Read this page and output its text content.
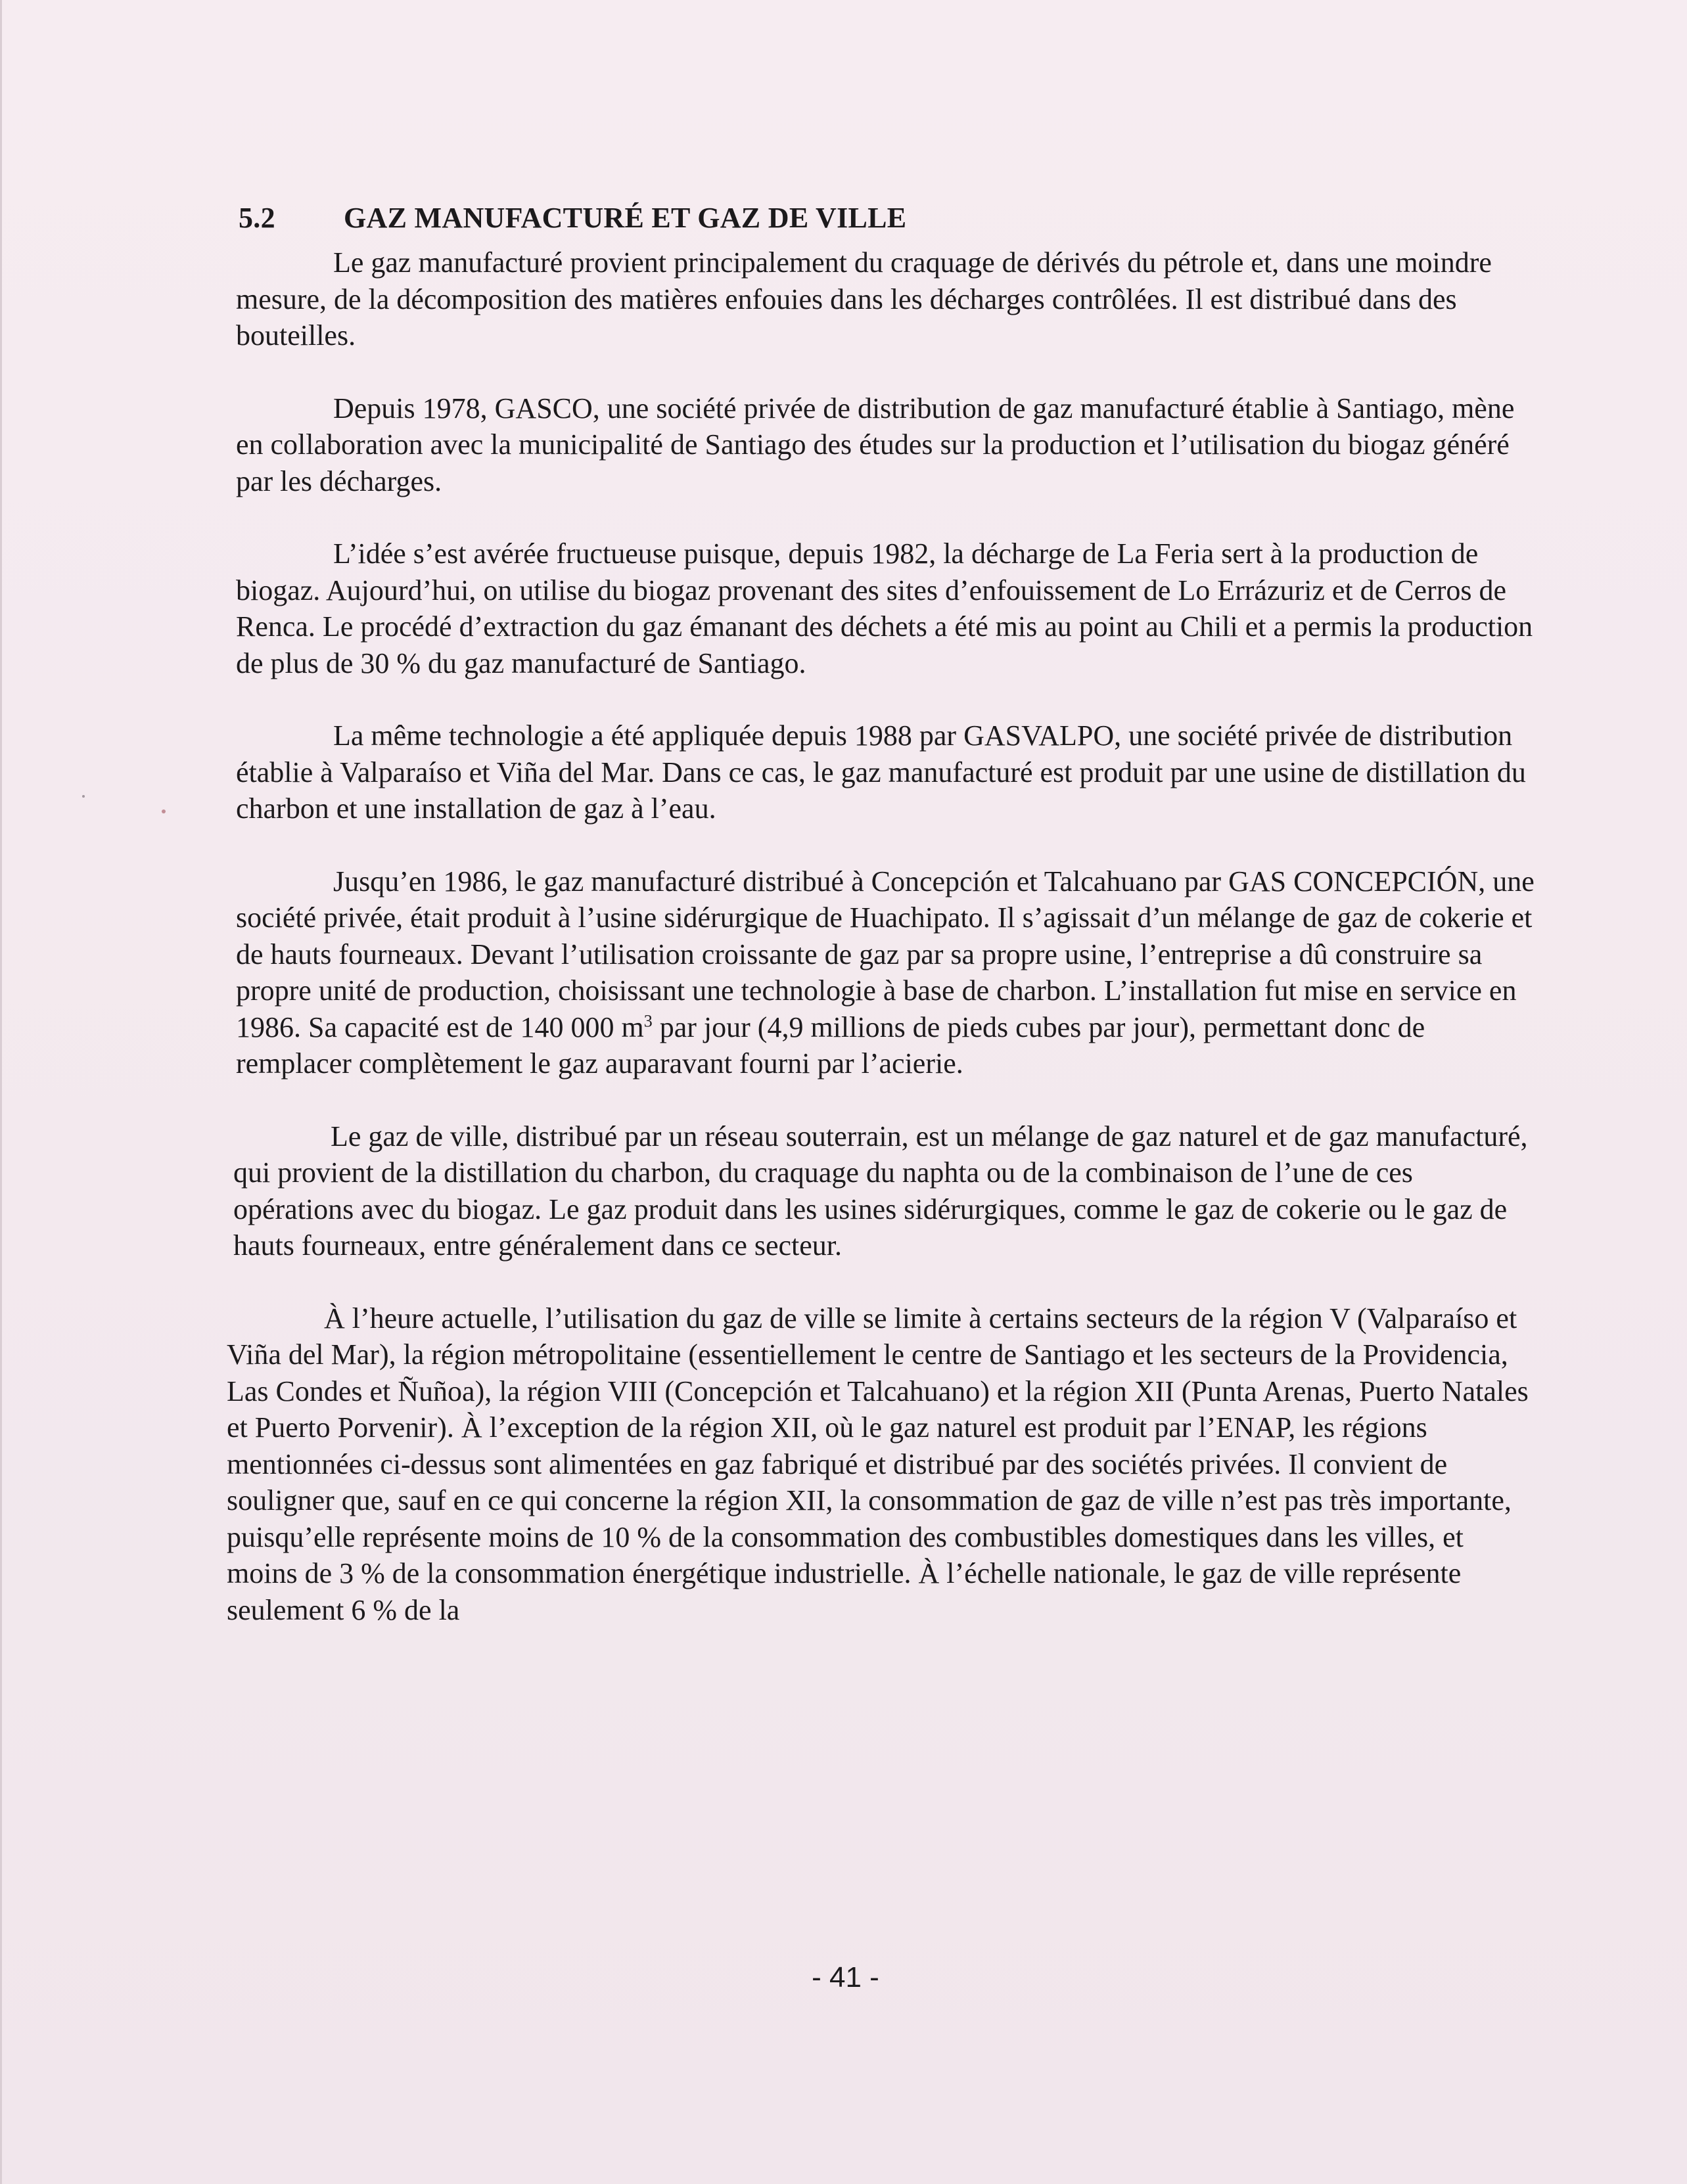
5.2	GAZ MANUFACTURÉ ET GAZ DE VILLE

Le gaz manufacturé provient principalement du craquage de dérivés du pétrole et, dans une moindre mesure, de la décomposition des matières enfouies dans les décharges contrôlées. Il est distribué dans des bouteilles.

Depuis 1978, GASCO, une société privée de distribution de gaz manufacturé établie à Santiago, mène en collaboration avec la municipalité de Santiago des études sur la production et l’utilisation du biogaz généré par les décharges.

L’idée s’est avérée fructueuse puisque, depuis 1982, la décharge de La Feria sert à la production de biogaz. Aujourd’hui, on utilise du biogaz provenant des sites d’enfouissement de Lo Errázuriz et de Cerros de Renca. Le procédé d’extraction du gaz émanant des déchets a été mis au point au Chili et a permis la production de plus de 30 % du gaz manufacturé de Santiago.

La même technologie a été appliquée depuis 1988 par GASVALPO, une société privée de distribution établie à Valparaíso et Viña del Mar. Dans ce cas, le gaz manufacturé est produit par une usine de distillation du charbon et une installation de gaz à l’eau.

Jusqu’en 1986, le gaz manufacturé distribué à Concepción et Talcahuano par GAS CONCEPCIÓN, une société privée, était produit à l’usine sidérurgique de Huachipato. Il s’agissait d’un mélange de gaz de cokerie et de hauts fourneaux. Devant l’utilisation croissante de gaz par sa propre usine, l’entreprise a dû construire sa propre unité de production, choisissant une technologie à base de charbon. L’installation fut mise en service en 1986. Sa capacité est de 140 000 $m^3$ par jour (4,9 millions de pieds cubes par jour), permettant donc de remplacer complètement le gaz auparavant fourni par l’acierie.

Le gaz de ville, distribué par un réseau souterrain, est un mélange de gaz naturel et de gaz manufacturé, qui provient de la distillation du charbon, du craquage du naphta ou de la combinaison de l’une de ces opérations avec du biogaz. Le gaz produit dans les usines sidérurgiques, comme le gaz de cokerie ou le gaz de hauts fourneaux, entre généralement dans ce secteur.

À l’heure actuelle, l’utilisation du gaz de ville se limite à certains secteurs de la région V (Valparaíso et Viña del Mar), la région métropolitaine (essentiellement le centre de Santiago et les secteurs de la Providencia, Las Condes et Ñuñoa), la région VIII (Concepción et Talcahuano) et la région XII (Punta Arenas, Puerto Natales et Puerto Porvenir). À l’exception de la région XII, où le gaz naturel est produit par l’ENAP, les régions mentionnées ci-dessus sont alimentées en gaz fabriqué et distribué par des sociétés privées. Il convient de souligner que, sauf en ce qui concerne la région XII, la consommation de gaz de ville n’est pas très importante, puisqu’elle représente moins de 10 % de la consommation des combustibles domestiques dans les villes, et moins de 3 % de la consommation énergétique industrielle. À l’échelle nationale, le gaz de ville représente seulement 6 % de la

- 41 -
